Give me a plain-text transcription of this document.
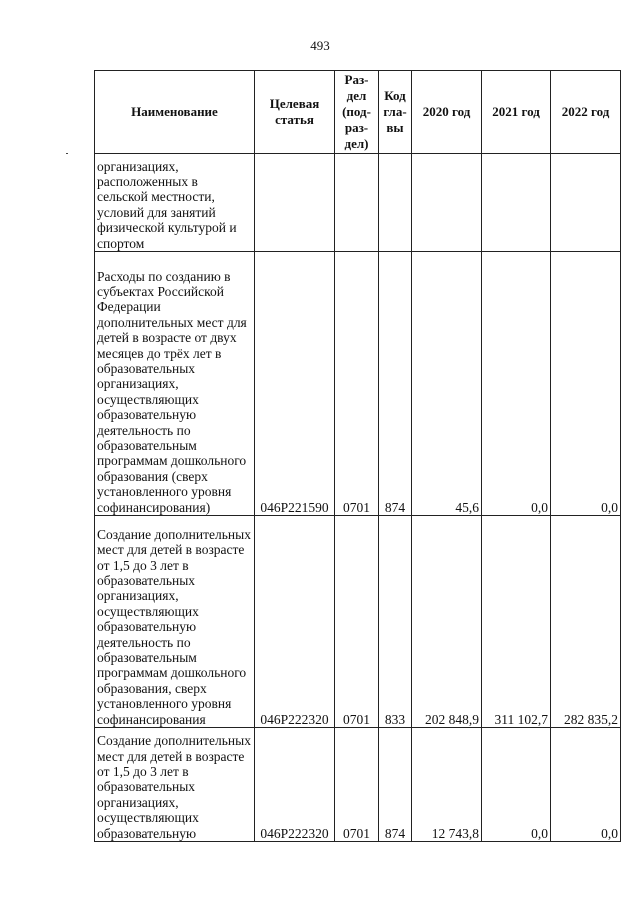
493
Наименование	Целевая статья	Раз-дел (под-раз-дел)	Код гла-вы	2020 год	2021 год	2022 год
организациях, расположенных в сельской местности, условий для занятий физической культурой и спортом						
Расходы по созданию в субъектах Российской Федерации дополнительных мест для детей в возрасте от двух месяцев до трёх лет в образовательных организациях, осуществляющих образовательную деятельность по образовательным программам дошкольного образования (сверх установленного уровня софинансирования)	046Р221590	0701	874	45,6	0,0	0,0
Создание дополнительных мест для детей в возрасте от 1,5 до 3 лет в образовательных организациях, осуществляющих образовательную деятельность по образовательным программам дошкольного образования, сверх установленного уровня софинансирования	046Р222320	0701	833	202 848,9	311 102,7	282 835,2
Создание дополнительных мест для детей в возрасте от 1,5 до 3 лет в образовательных организациях, осуществляющих образовательную	046Р222320	0701	874	12 743,8	0,0	0,0
